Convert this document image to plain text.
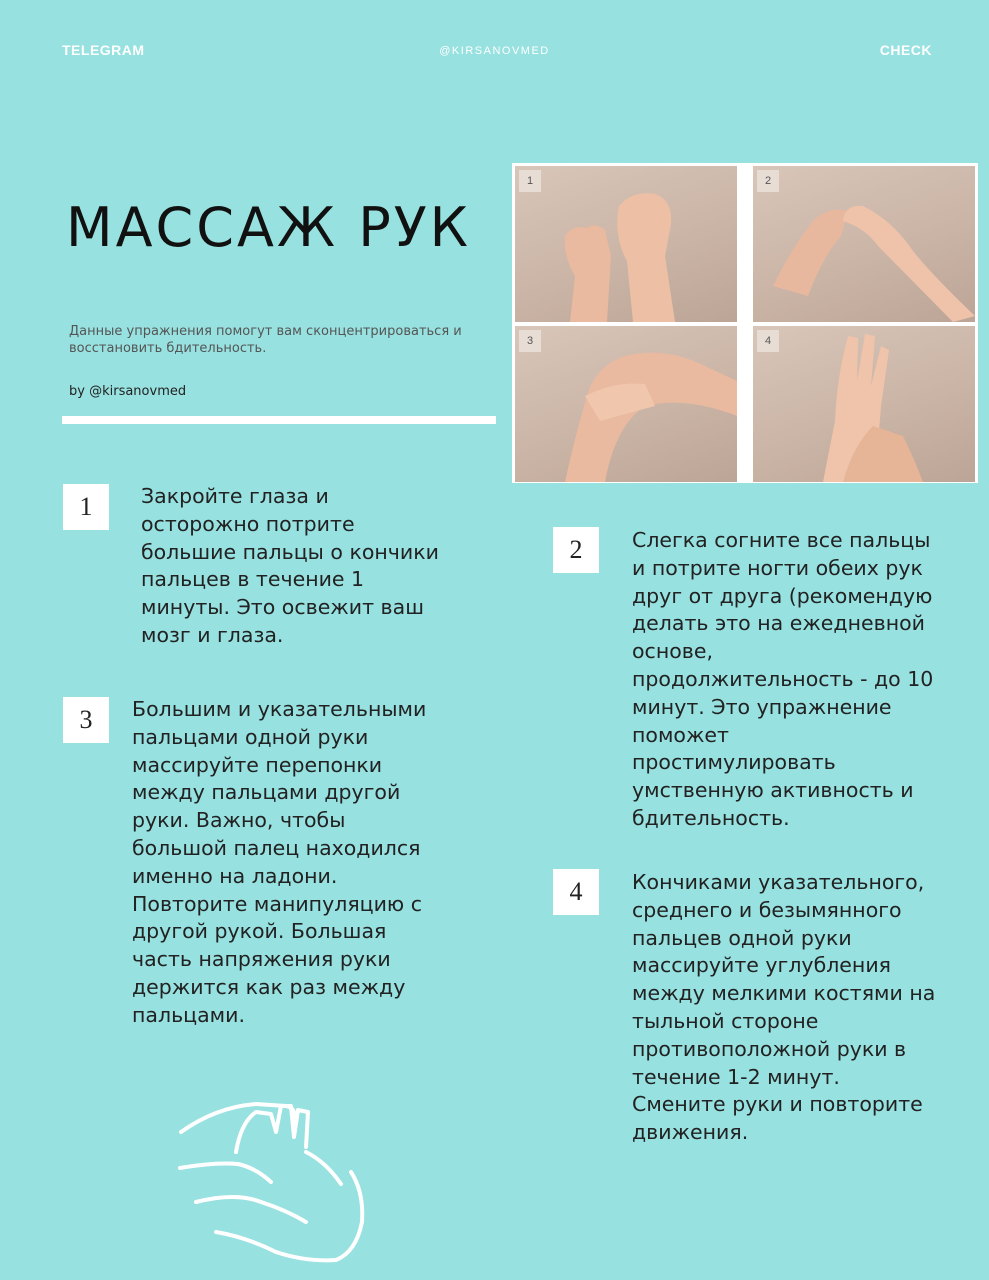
TELEGRAM	@KIRSANOVMED	CHECK
МАССАЖ РУК
Данные упражнения помогут вам сконцентрироваться и восстановить бдительность.
by @kirsanovmed
1	2
3	4
1	Закройте глаза и осторожно потрите большие пальцы о кончики пальцев в течение 1 минуты. Это освежит ваш мозг и глаза.
2	Слегка согните все пальцы и потрите ногти обеих рук друг от друга (рекомендую делать это на ежедневной основе, продолжительность - до 10 минут. Это упражнение поможет простимулировать умственную активность и бдительность.
3	Большим и указательными пальцами одной руки массируйте перепонки между пальцами другой руки. Важно, чтобы большой палец находился именно на ладони. Повторите манипуляцию с другой рукой. Большая часть напряжения руки держится как раз между пальцами.
4	Кончиками указательного, среднего и безымянного пальцев одной руки массируйте углубления между мелкими костями на тыльной стороне противоположной руки в течение 1-2 минут. Смените руки и повторите движения.
